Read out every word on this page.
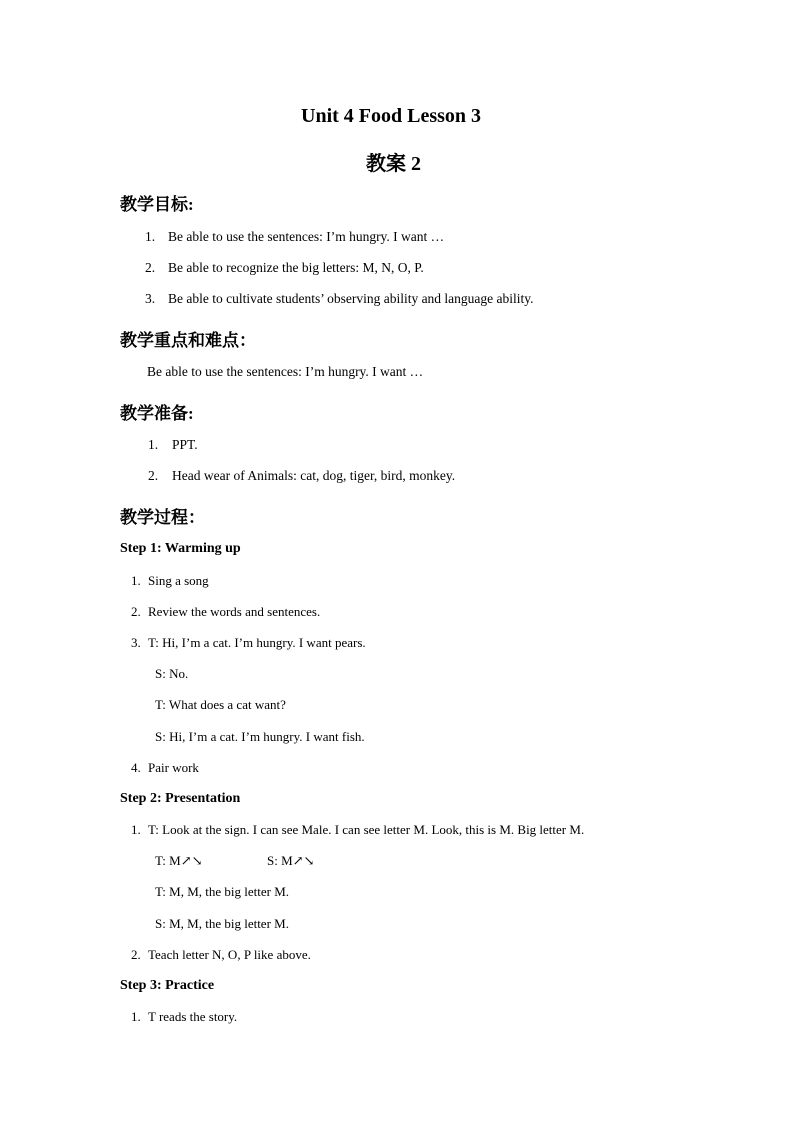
Unit 4 Food Lesson 3
教案 2
教学目标:
1. Be able to use the sentences: I’m hungry. I want …
2. Be able to recognize the big letters: M, N, O, P.
3. Be able to cultivate students’ observing ability and language ability.
教学重点和难点：
Be able to use the sentences: I’m hungry. I want …
教学准备:
1. PPT.
2. Head wear of Animals: cat, dog, tiger, bird, monkey.
教学过程：
Step 1: Warming up
1. Sing a song
2. Review the words and sentences.
3. T: Hi, I’m a cat. I’m hungry. I want pears.
S: No.
T: What does a cat want?
S: Hi, I’m a cat. I’m hungry. I want fish.
4. Pair work
Step 2: Presentation
1. T: Look at the sign. I can see Male. I can see letter M. Look, this is M. Big letter M.
T: M↗↘	S: M↗↘
T: M, M, the big letter M.
S: M, M, the big letter M.
2. Teach letter N, O, P like above.
Step 3: Practice
1. T reads the story.
